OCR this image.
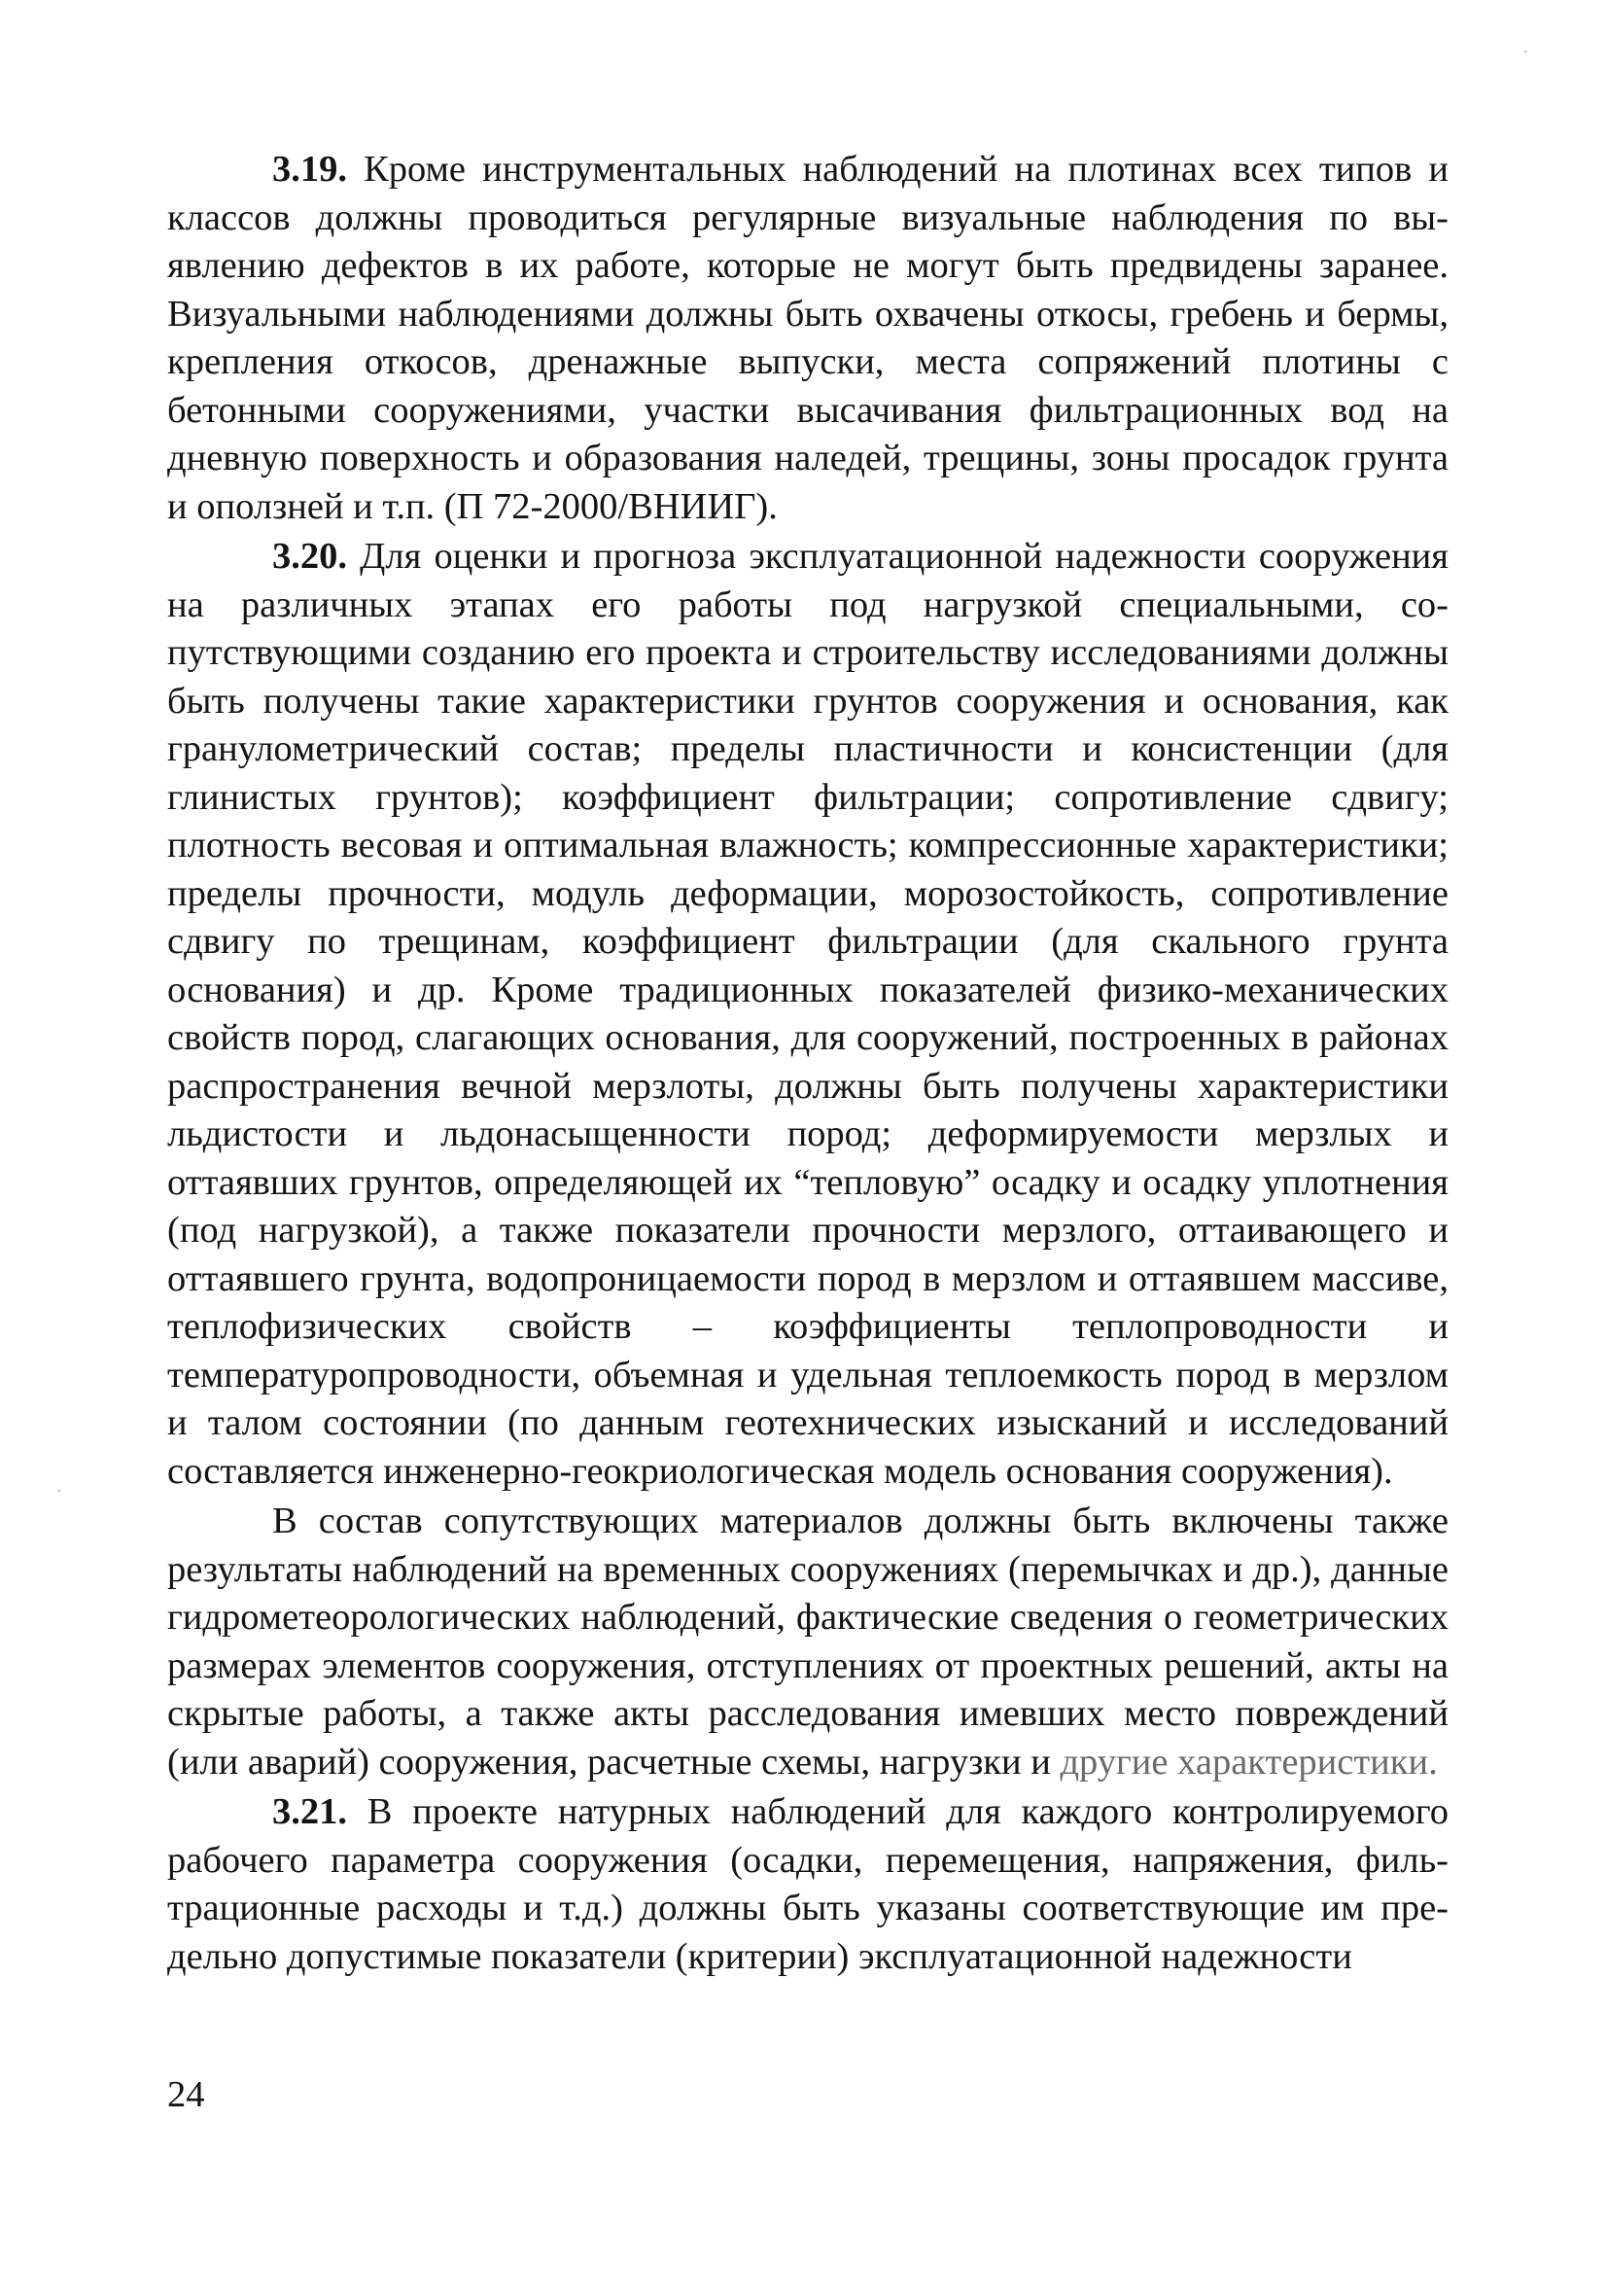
3.19. Кроме инструментальных наблюдений на плотинах всех типов и классов должны проводиться регулярные визуальные наблюдения по выявлению дефектов в их работе, которые не могут быть предвидены заранее. Визуальными наблюдениями должны быть охвачены откосы, гребень и бермы, крепления откосов, дренажные выпуски, места сопряжений плотины с бетонными сооружениями, участки высачивания фильтрационных вод на дневную поверхность и образования наледей, трещины, зоны просадок грунта и оползней и т.п. (П 72-2000/ВНИИГ).

3.20. Для оценки и прогноза эксплуатационной надежности сооружения на различных этапах его работы под нагрузкой специальными, сопутствующими созданию его проекта и строительству исследованиями должны быть получены такие характеристики грунтов сооружения и основания, как гранулометрический состав; пределы пластичности и консистенции (для глинистых грунтов); коэффициент фильтрации; сопротивление сдвигу; плотность весовая и оптимальная влажность; компрессионные характеристики; пределы прочности, модуль деформации, морозостойкость, сопротивление сдвигу по трещинам, коэффициент фильтрации (для скального грунта основания) и др. Кроме традиционных показателей физико-механических свойств пород, слагающих основания, для сооружений, построенных в районах распространения вечной мерзлоты, должны быть получены характеристики льдистости и льдонасыщенности пород; деформируемости мерзлых и оттаявших грунтов, определяющей их “тепловую” осадку и осадку уплотнения (под нагрузкой), а также показатели прочности мерзлого, оттаивающего и оттаявшего грунта, водопроницаемости пород в мерзлом и оттаявшем массиве, теплофизических свойств – коэффициенты теплопроводности и температуропроводности, объемная и удельная теплоемкость пород в мерзлом и талом состоянии (по данным геотехнических изысканий и исследований составляется инженерно-геокриологическая модель основания сооружения).

В состав сопутствующих материалов должны быть включены также результаты наблюдений на временных сооружениях (перемычках и др.), данные гидрометеорологических наблюдений, фактические сведения о геометрических размерах элементов сооружения, отступлениях от проектных решений, акты на скрытые работы, а также акты расследования имевших место повреждений (или аварий) сооружения, расчетные схемы, нагрузки и другие характеристики.

3.21. В проекте натурных наблюдений для каждого контролируемого рабочего параметра сооружения (осадки, перемещения, напряжения, фильтрационные расходы и т.д.) должны быть указаны соответствующие им предельно допустимые показатели (критерии) эксплуатационной надежности

24
